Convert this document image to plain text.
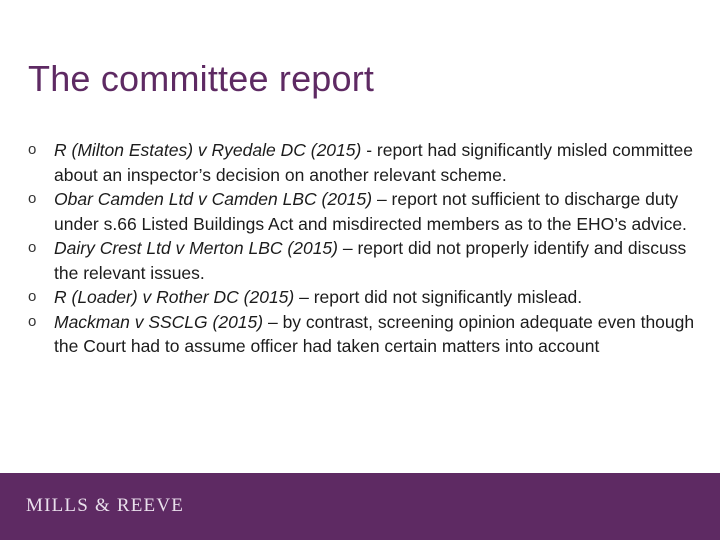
The committee report
o R (Milton Estates) v Ryedale DC (2015) - report had significantly misled committee about an inspector’s decision on another relevant scheme.
o Obar Camden Ltd v Camden LBC (2015) – report not sufficient to discharge duty under s.66 Listed Buildings Act and misdirected members as to the EHO’s advice.
o Dairy Crest Ltd v Merton LBC (2015) – report did not properly identify and discuss the relevant issues.
o R (Loader) v Rother DC (2015) – report did not significantly mislead.
o Mackman v SSCLG (2015) – by contrast, screening opinion adequate even though the Court had to assume officer had taken certain matters into account

MILLS & REEVE
